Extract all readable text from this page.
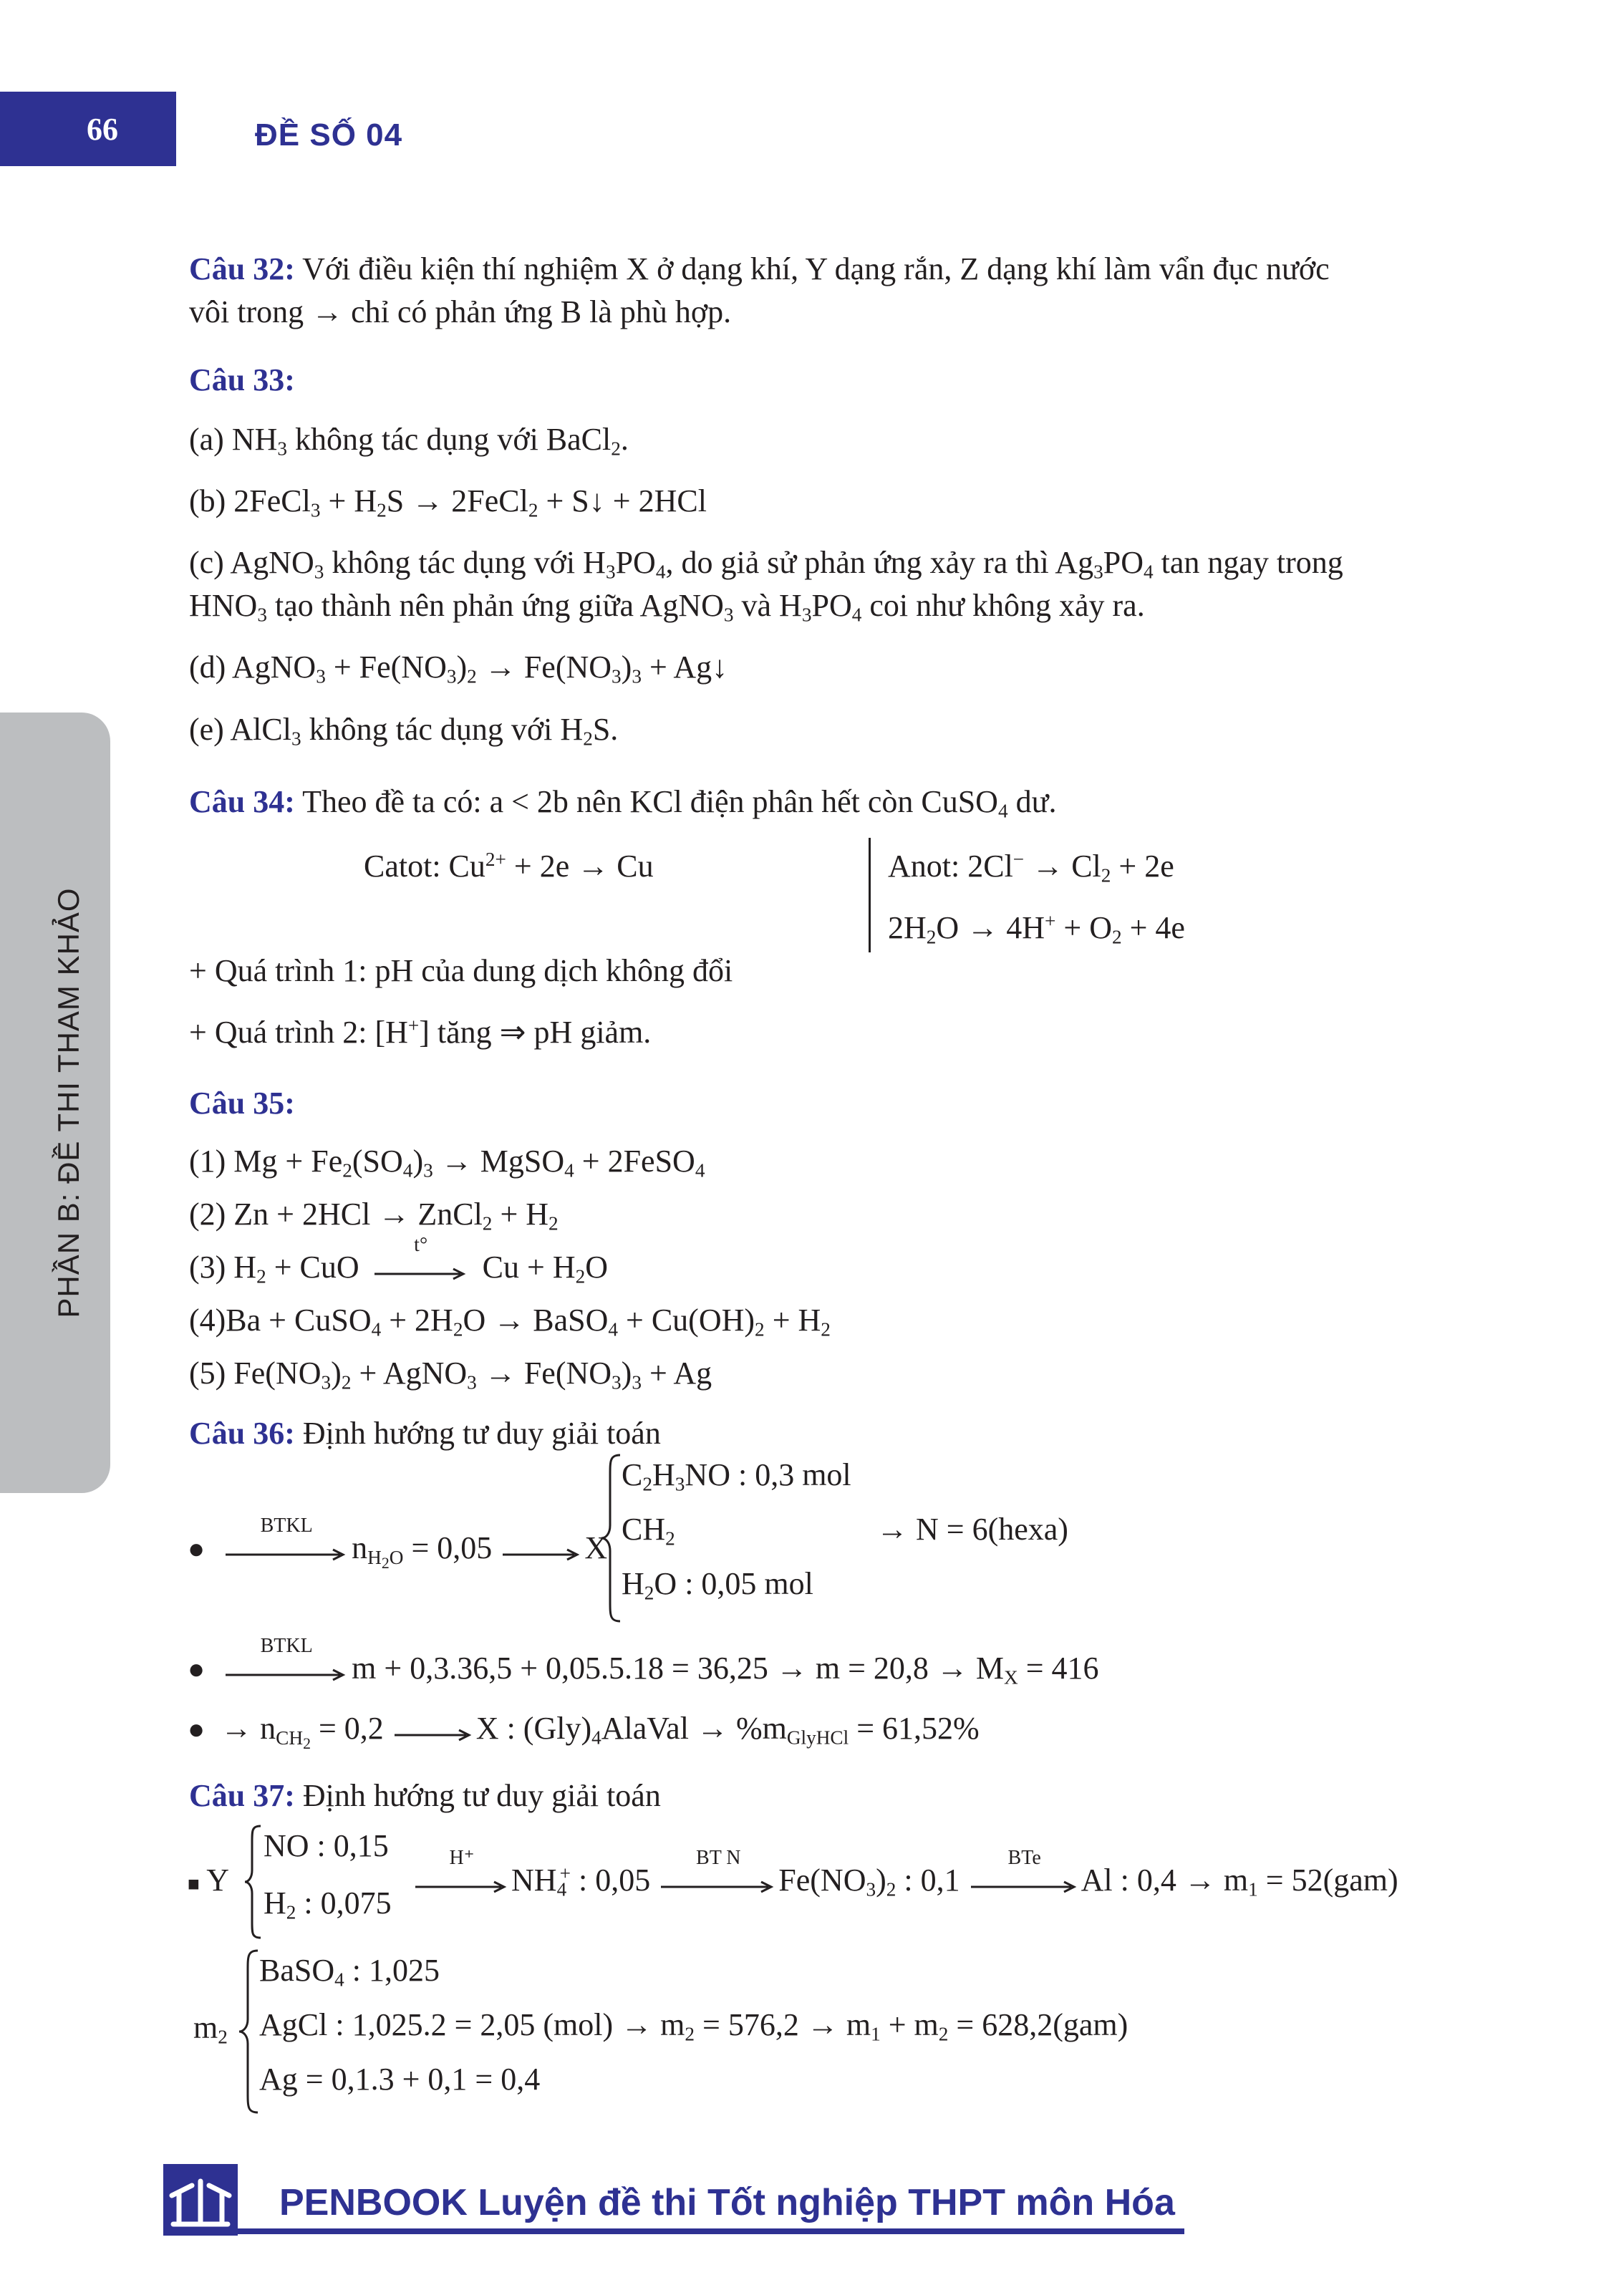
66	ĐỀ SỐ 04
PHẦN B: ĐỀ THI THAM KHẢO
Câu 32: Với điều kiện thí nghiệm X ở dạng khí, Y dạng rắn, Z dạng khí làm vẩn đục nước
vôi trong → chỉ có phản ứng B là phù hợp.
Câu 33:
(a) $NH_3$ không tác dụng với BaCl$_2$.
(b) 2FeCl$_3$ + $H_2S$ → 2FeCl$_2$ + S↓ + 2HCl
(c) AgNO$_3$ không tác dụng với $H_3PO_4$, do giả sử phản ứng xảy ra thì $Ag_3PO_4$ tan ngay trong
$HNO_3$ tạo thành nên phản ứng giữa AgNO$_3$ và $H_3PO_4$ coi như không xảy ra.
(d) AgNO$_3$ + $Fe(NO_3)_2 \to Fe(NO_3)_3$ + Ag↓
(e) AlCl$_3$ không tác dụng với $H_2S$.
Câu 34: Theo đề ta có: a < 2b nên KCl điện phân hết còn CuSO$_4$ dư.
Catot: $Cu^{2+} + 2e \to Cu$	Anot: $2Cl^- \to Cl_2 + 2e$
$2H_2O \to 4H^+ + O_2 + 4e$
+ Quá trình 1: pH của dung dịch không đổi
+ Quá trình 2: [H+] tăng ⇒ pH giảm.
Câu 35:
(1) $Mg + Fe_2(SO_4)_3$ → MgSO$_4$ + 2FeSO$_4$
(2) Zn + 2HCl → ZnCl$_2$ + $H_2$
(3) $H_2$ + CuO
t°
$Cu + H_2O$
(4)Ba + CuSO$_4$ + $2H_2O$ → BaSO$_4$ + $Cu(OH)_2 + H_2$
(5) $Fe(NO_3)_2$ + AgNO$_3$ → $Fe(NO_3)_3 + Ag$
Câu 36: Định hướng tư duy giải toán
●
BTKL
$n_{H_2O} = 0,05$	X
$C_2H_3NO$ : 0,3 mol
$CH_2$
$H_2O$ : 0,05 mol
→ N = 6(hexa)
●
BTKL
$m + 0,3.36,5 + 0,05.5.18 = 36,25 \to m = 20,8 \to M_X = 416$
●  → $n_{CH_2} = 0,2$	X : $(Gly)_4AlaVal \to \%m_{GlyHCl} = 61,52\%$
Câu 37: Định hướng tư duy giải toán
■ Y
NO : 0,15
$H_2$ : 0,075
H⁺
$NH_4^+$ : 0,05
BT N
$Fe(NO_3)_2$ : 0,1
BTe
Al : $0,4 \to m_1 = 52(gam)$
$m_2$
BaSO$_4$ : 1,025
AgCl : 1,025.2 = 2,05 $(mol) \to m_2 = 576,2 \to m_1 + m_2 = 628,2(gam)$
Ag = 0,1.3 + 0,1 = 0,4
PENBOOK Luyện đề thi Tốt nghiệp THPT môn Hóa
